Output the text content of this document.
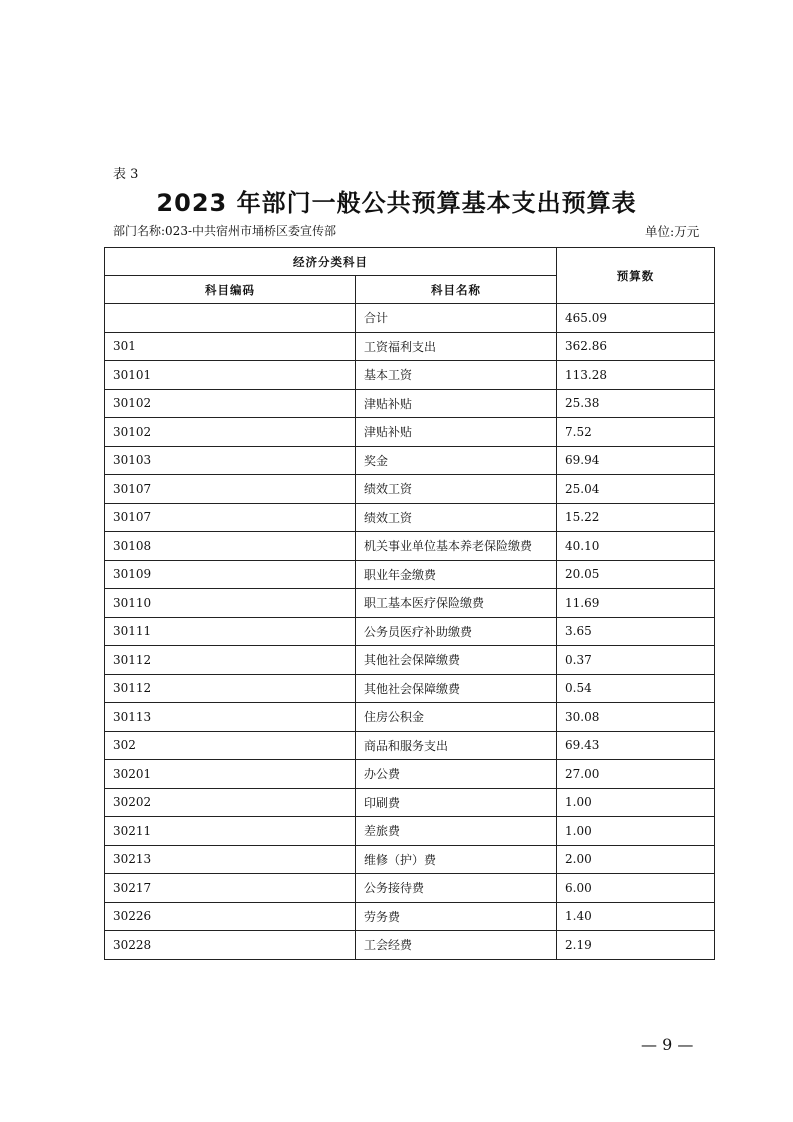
表 3
2023 年部门一般公共预算基本支出预算表
部门名称:023-中共宿州市埇桥区委宣传部	单位:万元
经济分类科目		预算数
科目编码	科目名称	
	合计	465.09
301	工资福利支出	362.86
30101	基本工资	113.28
30102	津贴补贴	25.38
30102	津贴补贴	7.52
30103	奖金	69.94
30107	绩效工资	25.04
30107	绩效工资	15.22
30108	机关事业单位基本养老保险缴费	40.10
30109	职业年金缴费	20.05
30110	职工基本医疗保险缴费	11.69
30111	公务员医疗补助缴费	3.65
30112	其他社会保障缴费	0.37
30112	其他社会保障缴费	0.54
30113	住房公积金	30.08
302	商品和服务支出	69.43
30201	办公费	27.00
30202	印刷费	1.00
30211	差旅费	1.00
30213	维修（护）费	2.00
30217	公务接待费	6.00
30226	劳务费	1.40
30228	工会经费	2.19
— 9 —
